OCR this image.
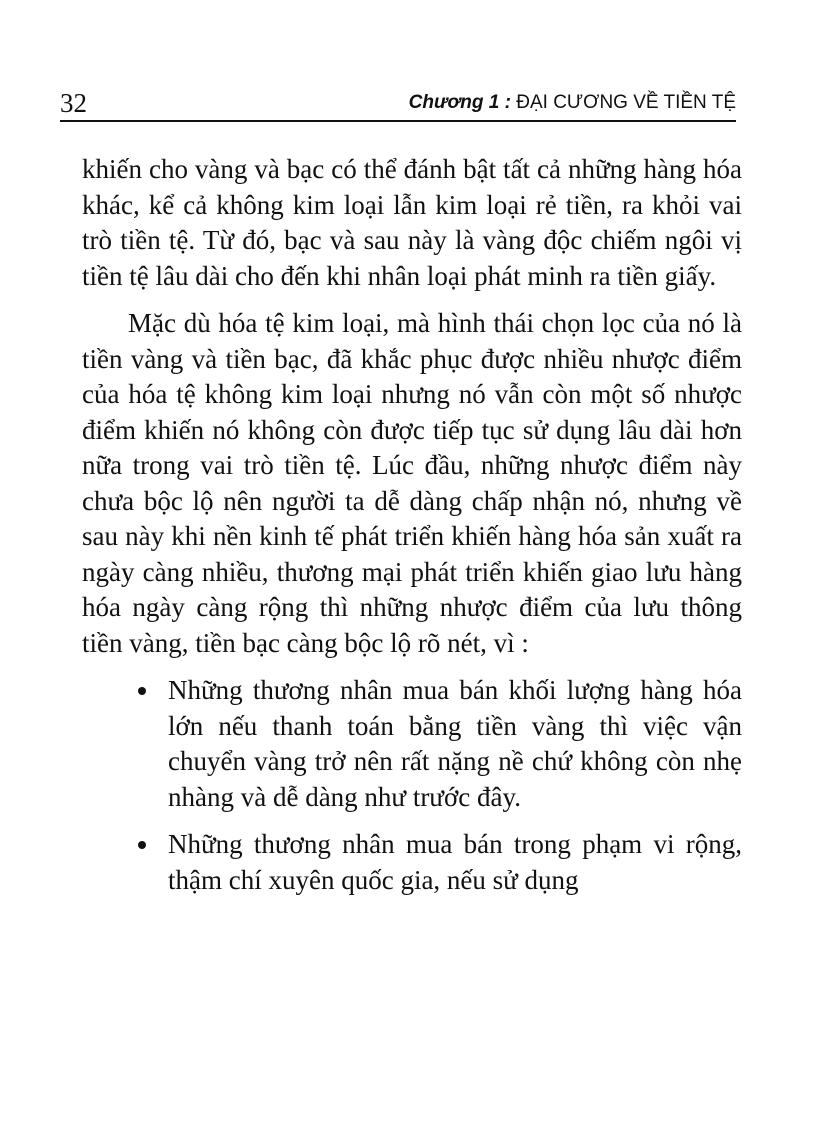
32	Chương 1 : ĐẠI CƯƠNG VỀ TIỀN TỆ

khiến cho vàng và bạc có thể đánh bật tất cả những hàng hóa khác, kể cả không kim loại lẫn kim loại rẻ tiền, ra khỏi vai trò tiền tệ. Từ đó, bạc và sau này là vàng độc chiếm ngôi vị tiền tệ lâu dài cho đến khi nhân loại phát minh ra tiền giấy.

Mặc dù hóa tệ kim loại, mà hình thái chọn lọc của nó là tiền vàng và tiền bạc, đã khắc phục được nhiều nhược điểm của hóa tệ không kim loại nhưng nó vẫn còn một số nhược điểm khiến nó không còn được tiếp tục sử dụng lâu dài hơn nữa trong vai trò tiền tệ. Lúc đầu, những nhược điểm này chưa bộc lộ nên người ta dễ dàng chấp nhận nó, nhưng về sau này khi nền kinh tế phát triển khiến hàng hóa sản xuất ra ngày càng nhiều, thương mại phát triển khiến giao lưu hàng hóa ngày càng rộng thì những nhược điểm của lưu thông tiền vàng, tiền bạc càng bộc lộ rõ nét, vì :

Những thương nhân mua bán khối lượng hàng hóa lớn nếu thanh toán bằng tiền vàng thì việc vận chuyển vàng trở nên rất nặng nề chứ không còn nhẹ nhàng và dễ dàng như trước đây.
Những thương nhân mua bán trong phạm vi rộng, thậm chí xuyên quốc gia, nếu sử dụng
